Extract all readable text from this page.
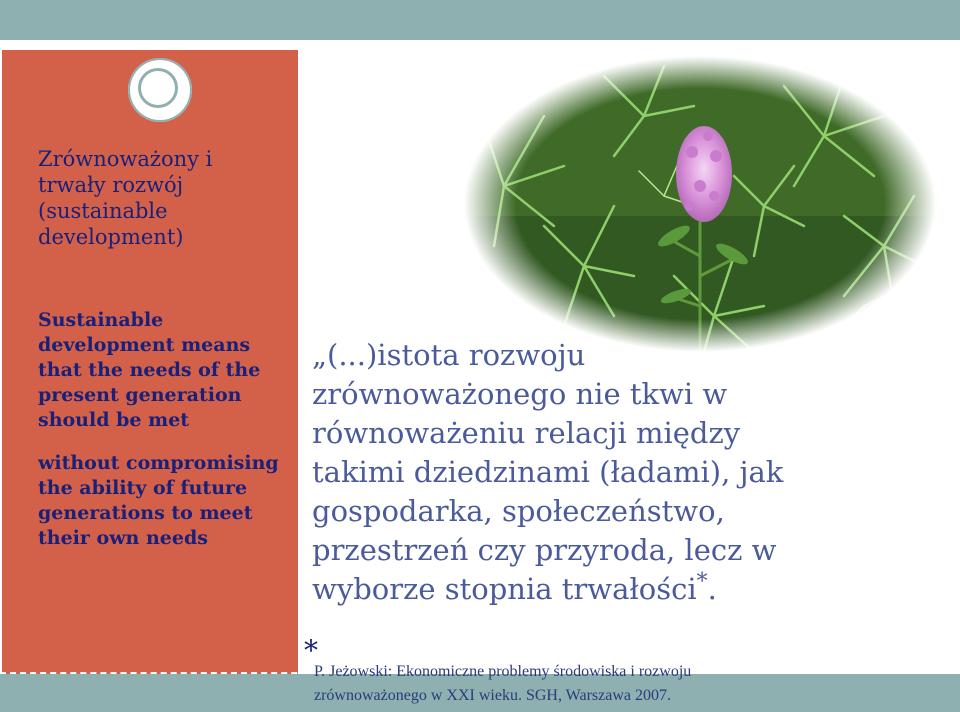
Zrównoważony i trwały rozwój (sustainable development)

Sustainable development means that the needs of the present generation should be met

without compromising the ability of future generations to meet their own needs

„(...)istota rozwoju zrównoważonego nie tkwi w równoważeniu relacji między takimi dziedzinami (ładami), jak gospodarka, społeczeństwo, przestrzeń czy przyroda, lecz w wyborze stopnia trwałości*.
*
P. Jeżowski: Ekonomiczne problemy środowiska i rozwoju zrównoważonego w XXI wieku. SGH, Warszawa 2007.
